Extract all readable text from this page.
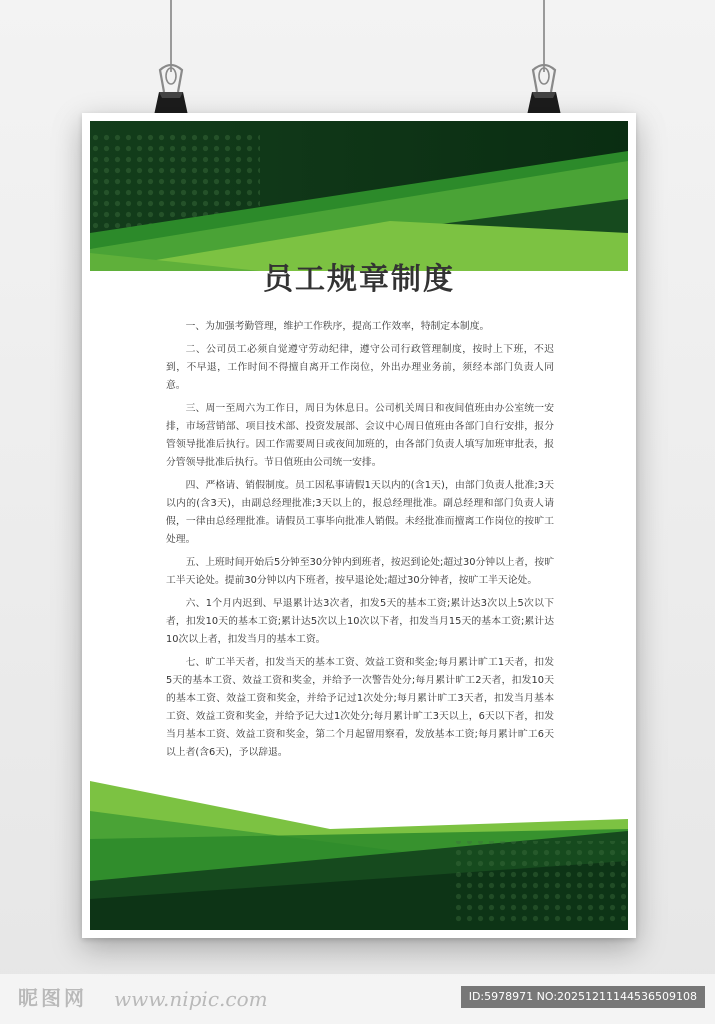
员工规章制度

一、为加强考勤管理，维护工作秩序，提高工作效率，特制定本制度。

二、公司员工必须自觉遵守劳动纪律，遵守公司行政管理制度，按时上下班，不迟到，不早退，工作时间不得擅自离开工作岗位，外出办理业务前，须经本部门负责人同意。

三、周一至周六为工作日，周日为休息日。公司机关周日和夜间值班由办公室统一安排，市场营销部、项目技术部、投资发展部、会议中心周日值班由各部门自行安排，报分管领导批准后执行。因工作需要周日或夜间加班的，由各部门负责人填写加班审批表，报分管领导批准后执行。节日值班由公司统一安排。

四、严格请、销假制度。员工因私事请假1天以内的(含1天)，由部门负责人批准;3天以内的(含3天)，由副总经理批准;3天以上的，报总经理批准。副总经理和部门负责人请假，一律由总经理批准。请假员工事毕向批准人销假。未经批准而擅离工作岗位的按旷工处理。

五、上班时间开始后5分钟至30分钟内到班者，按迟到论处;超过30分钟以上者，按旷工半天论处。提前30分钟以内下班者，按早退论处;超过30分钟者，按旷工半天论处。

六、1个月内迟到、早退累计达3次者，扣发5天的基本工资;累计达3次以上5次以下者，扣发10天的基本工资;累计达5次以上10次以下者，扣发当月15天的基本工资;累计达10次以上者，扣发当月的基本工资。

七、旷工半天者，扣发当天的基本工资、效益工资和奖金;每月累计旷工1天者，扣发5天的基本工资、效益工资和奖金，并给予一次警告处分;每月累计旷工2天者，扣发10天的基本工资、效益工资和奖金，并给予记过1次处分;每月累计旷工3天者，扣发当月基本工资、效益工资和奖金，并给予记大过1次处分;每月累计旷工3天以上，6天以下者，扣发当月基本工资、效益工资和奖金，第二个月起留用察看，发放基本工资;每月累计旷工6天以上者(含6天)，予以辞退。

昵图网 www.nipic.com	ID:5978971 NO:20251211144536509108
